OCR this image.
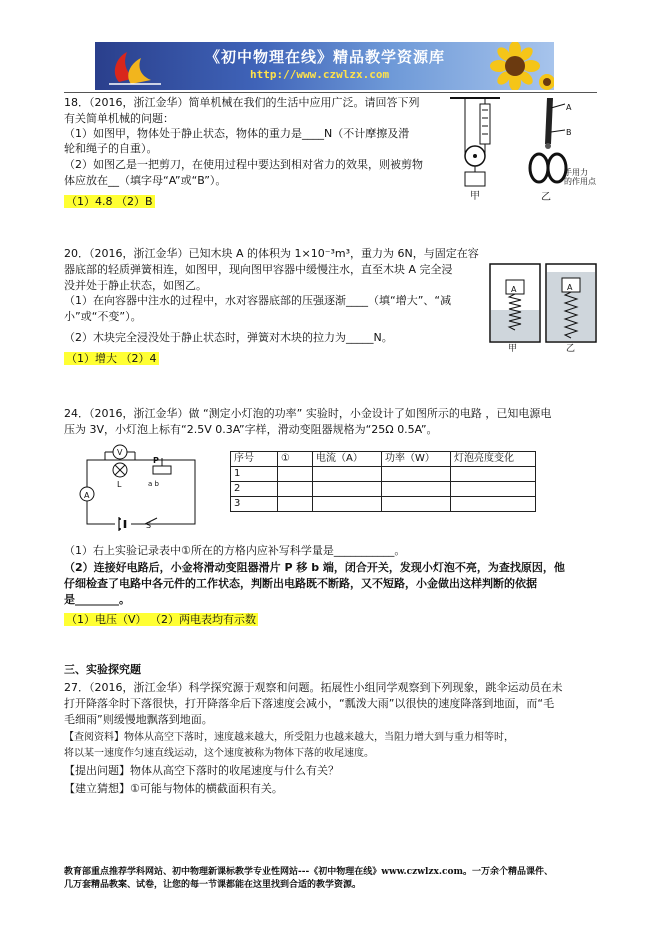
《初中物理在线》精品教学资源库
http://www.czwlzx.com
18．（2016，浙江金华）简单机械在我们的生活中应用广泛。请回答下列
有关简单机械的问题：
（1）如图甲，物体处于静止状态，物体的重力是____N（不计摩擦及滑
轮和绳子的自重）。
（2）如图乙是一把剪刀，在使用过程中要达到相对省力的效果，则被剪物
体应放在__（填字母“A”或“B”）。
（1）4.8 （2）B	甲
A
B
手用力
的作用点
乙
20．（2016，浙江金华）已知木块 A 的体积为 1×10⁻³m³，重力为 6N，与固定在容
器底部的轻质弹簧相连，如图甲，现向图甲容器中缓慢注水，直至木块 A 完全浸
没并处于静止状态，如图乙。
（1）在向容器中注水的过程中，水对容器底部的压强逐渐____（填“增大”、“减
小”或“不变”）。
（2）木块完全浸没处于静止状态时，弹簧对木块的拉力为_____N。
（1）增大 （2）4
A	A
甲	乙
24．（2016，浙江金华）做 “测定小灯泡的功率” 实验时，小金设计了如图所示的电路 ，已知电源电
压为 3V，小灯泡上标有“2.5V 0.3A”字样，滑动变阻器规格为“25Ω 0.5A”。
V
A
P
L	a b
S
序号	①	电流（A）	功率（W）	灯泡亮度变化
1				
2				
3				
（1）右上实验记录表中①所在的方格内应补写科学量是___________。
（2）连接好电路后，小金将滑动变阻器滑片 P 移 b 端，闭合开关，发现小灯泡不亮，为查找原因，他
仔细检查了电路中各元件的工作状态，判断出电路既不断路，又不短路，小金做出这样判断的依据
是________。
（1）电压（V） （2）两电表均有示数
三、实验探究题
27．（2016，浙江金华）科学探究源于观察和问题。拓展性小组同学观察到下列现象，跳伞运动员在未
打开降落伞时下落很快，打开降落伞后下落速度会减小，“瓢泼大雨”以很快的速度降落到地面，而“毛
毛细雨”则缓慢地飘落到地面。
【查阅资料】物体从高空下落时，速度越来越大，所受阻力也越来越大，当阻力增大到与重力相等时，
将以某一速度作匀速直线运动，这个速度被称为物体下落的收尾速度。
【提出问题】物体从高空下落时的收尾速度与什么有关？
【建立猜想】①可能与物体的横截面积有关。
教育部重点推荐学科网站、初中物理新课标教学专业性网站---《初中物理在线》www.czwlzx.com。一万余个精品课件、
几万套精品教案、试卷，让您的每一节课都能在这里找到合适的教学资源。
